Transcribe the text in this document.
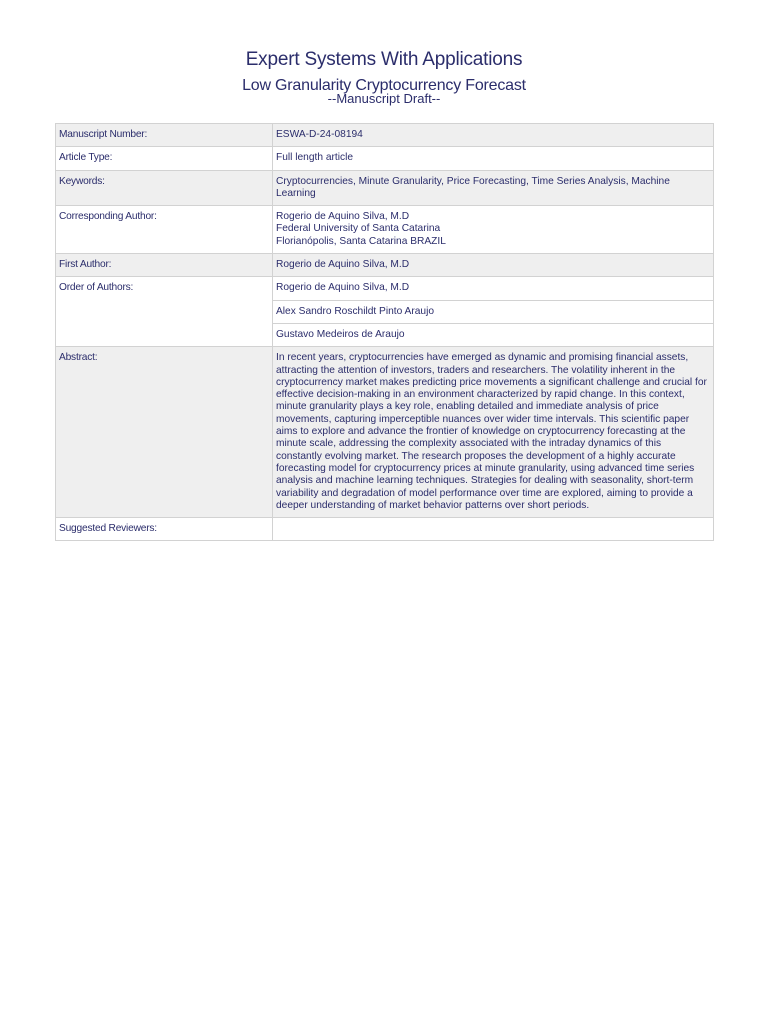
Expert Systems With Applications
Low Granularity Cryptocurrency Forecast
--Manuscript Draft--
Manuscript Number:	ESWA-D-24-08194
Article Type:	Full length article
Keywords:	Cryptocurrencies, Minute Granularity, Price Forecasting, Time Series Analysis, Machine Learning
Corresponding Author:	Rogerio de Aquino Silva, M.D
Federal University of Santa Catarina
Florianópolis, Santa Catarina BRAZIL

First Author:	Rogerio de Aquino Silva, M.D
Order of Authors:	Rogerio de Aquino Silva, M.D
	Alex Sandro Roschildt Pinto Araujo
	Gustavo Medeiros de Araujo
Abstract:	In recent years, cryptocurrencies have emerged as dynamic and promising financial assets, attracting the attention of investors, traders and researchers. The volatility inherent in the cryptocurrency market makes predicting price movements a significant challenge and crucial for effective decision-making in an environment characterized by rapid change. In this context, minute granularity plays a key role, enabling detailed and immediate analysis of price movements, capturing imperceptible nuances over wider time intervals. This scientific paper aims to explore and advance the frontier of knowledge on cryptocurrency forecasting at the minute scale, addressing the complexity associated with the intraday dynamics of this constantly evolving market. The research proposes the development of a highly accurate forecasting model for cryptocurrency prices at minute granularity, using advanced time series analysis and machine learning techniques. Strategies for dealing with seasonality, short-term variability and degradation of model performance over time are explored, aiming to provide a deeper understanding of market behavior patterns over short periods.
Suggested Reviewers:	
